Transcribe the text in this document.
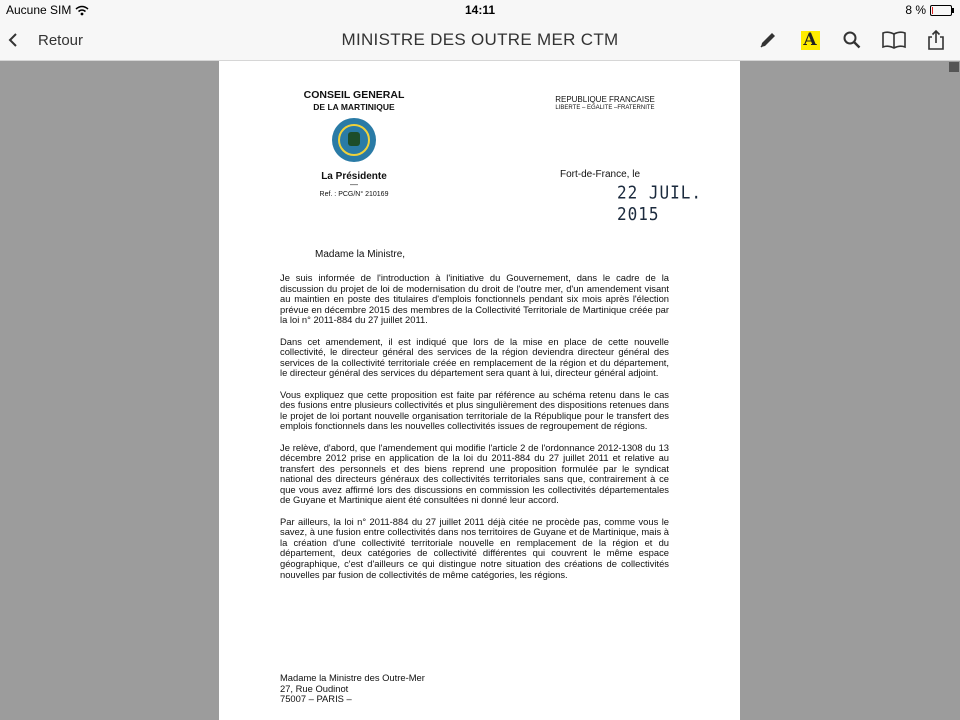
Aucune SIM	14:11	8 %
Retour	MINISTRE DES OUTRE MER CTM	A
CONSEIL GENERAL
DE LA MARTINIQUE
La Présidente
—
Ref. : PCG/N° 210169
REPUBLIQUE FRANCAISE
LIBERTE – EGALITE –FRATERNITE
Fort-de-France, le
22 JUIL. 2015
Madame la Ministre,

Je suis informée de l'introduction à l'initiative du Gouvernement, dans le cadre de la discussion du projet de loi de modernisation du droit de l'outre mer, d'un amendement visant au maintien en poste des titulaires d'emplois fonctionnels pendant six mois après l'élection prévue en décembre 2015 des membres de la Collectivité Territoriale de Martinique créée par la loi n° 2011-884 du 27 juillet 2011.

Dans cet amendement, il est indiqué que lors de la mise en place de cette nouvelle collectivité, le directeur général des services de la région deviendra directeur général des services de la collectivité territoriale créée en remplacement de la région et du département, le directeur général des services du département sera quant à lui, directeur général adjoint.

Vous expliquez que cette proposition est faite par référence au schéma retenu dans le cas des fusions entre plusieurs collectivités et plus singulièrement des dispositions retenues dans le projet de loi portant nouvelle organisation territoriale de la République pour le transfert des emplois fonctionnels dans les nouvelles collectivités issues de regroupement de régions.

Je relève, d'abord, que l'amendement qui modifie l'article 2 de l'ordonnance 2012-1308 du 13 décembre 2012 prise en application de la loi du 2011-884 du 27 juillet 2011 et relative au transfert des personnels et des biens reprend une proposition formulée par le syndicat national des directeurs généraux des collectivités territoriales sans que, contrairement à ce que vous avez affirmé lors des discussions en commission les collectivités départementales de Guyane et Martinique aient été consultées ni donné leur accord.

Par ailleurs, la loi n° 2011-884 du 27 juillet 2011 déjà citée ne procède pas, comme vous le savez, à une fusion entre collectivités dans nos territoires de Guyane et de Martinique, mais à la création d'une collectivité territoriale nouvelle en remplacement de la région et du département, deux catégories de collectivité différentes qui couvrent le même espace géographique, c'est d'ailleurs ce qui distingue notre situation des créations de collectivités nouvelles par fusion de collectivités de même catégories, les régions.

Madame la Ministre des Outre-Mer
27, Rue Oudinot
75007 – PARIS –
